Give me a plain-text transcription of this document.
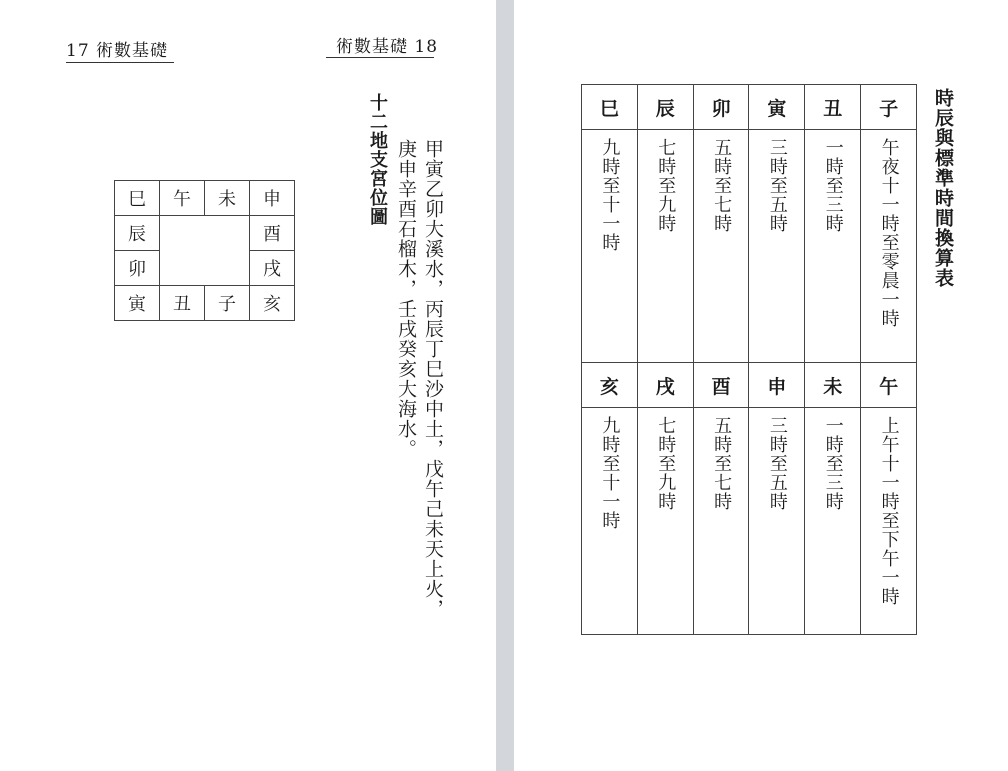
17 術數基礎
巳	午	未	申
辰			酉
卯			戌
寅	丑	子	亥
十二地支宮位圖 甲寅乙卯大溪水，丙辰丁巳沙中土，戊午己未天上火，
庚申辛酉石榴木，壬戌癸亥大海水。
術數基礎 18
巳	辰	卯	寅	丑	子
九時至十一時	七時至九時	五時至七時	三時至五時	一時至三時	午夜十一時至零晨一時
亥	戌	酉	申	未	午
九時至十一時	七時至九時	五時至七時	三時至五時	一時至三時	上午十一時至下午一時
時辰與標準時間換算表
